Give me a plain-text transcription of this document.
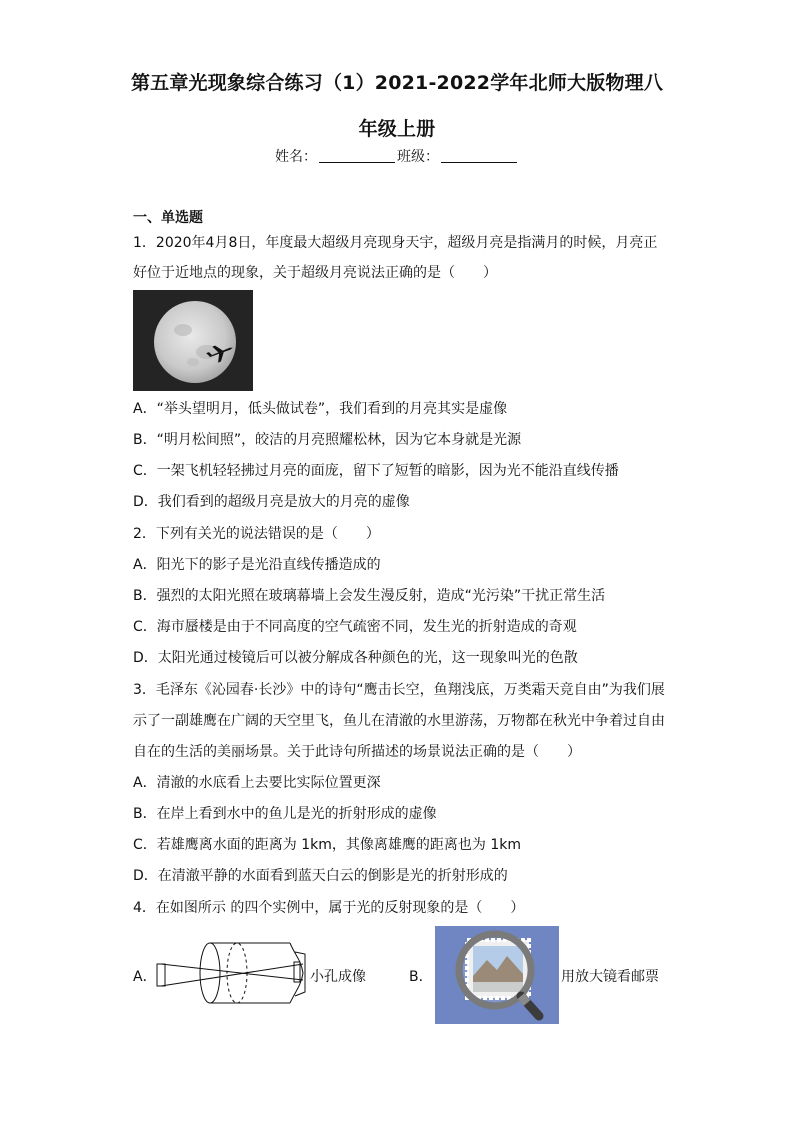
第五章光现象综合练习（1）2021-2022学年北师大版物理八
年级上册
姓名：	班级：
一、单选题
1．2020年4月8日，年度最大超级月亮现身天宇，超级月亮是指满月的时候，月亮正
好位于近地点的现象，关于超级月亮说法正确的是（　　）
A．“举头望明月，低头做试卷”，我们看到的月亮其实是虚像
B．“明月松间照”，皎洁的月亮照耀松林，因为它本身就是光源
C．一架飞机轻轻拂过月亮的面庞，留下了短暂的暗影，因为光不能沿直线传播
D．我们看到的超级月亮是放大的月亮的虚像
2．下列有关光的说法错误的是（　　）
A．阳光下的影子是光沿直线传播造成的
B．强烈的太阳光照在玻璃幕墙上会发生漫反射，造成“光污染”干扰正常生活
C．海市蜃楼是由于不同高度的空气疏密不同，发生光的折射造成的奇观
D．太阳光通过棱镜后可以被分解成各种颜色的光，这一现象叫光的色散
3．毛泽东《沁园春·长沙》中的诗句“鹰击长空，鱼翔浅底，万类霜天竞自由”为我们展
示了一副雄鹰在广阔的天空里飞，鱼儿在清澈的水里游荡，万物都在秋光中争着过自由
自在的生活的美丽场景。关于此诗句所描述的场景说法正确的是（　　）
A．清澈的水底看上去要比实际位置更深
B．在岸上看到水中的鱼儿是光的折射形成的虚像
C．若雄鹰离水面的距离为 1km，其像离雄鹰的距离也为 1km
D．在清澈平静的水面看到蓝天白云的倒影是光的折射形成的
4．在如图所示 的四个实例中，属于光的反射现象的是（　　）
A．	小孔成像	B．	用放大镜看邮票
